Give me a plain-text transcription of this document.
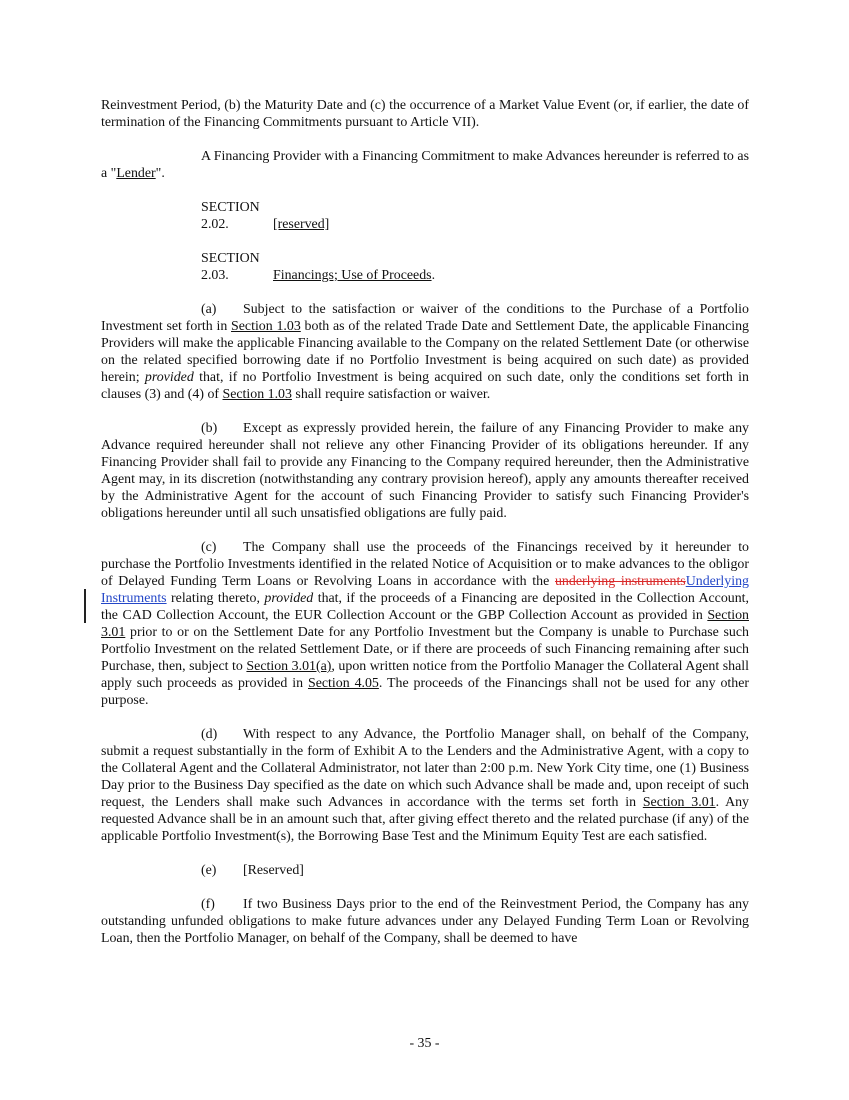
Reinvestment Period, (b) the Maturity Date and (c) the occurrence of a Market Value Event (or, if earlier, the date of termination of the Financing Commitments pursuant to Article VII).

A Financing Provider with a Financing Commitment to make Advances hereunder is referred to as a "Lender".

SECTION 2.02.	[reserved]

SECTION 2.03.	Financings; Use of Proceeds.

(a) Subject to the satisfaction or waiver of the conditions to the Purchase of a Portfolio Investment set forth in Section 1.03 both as of the related Trade Date and Settlement Date, the applicable Financing Providers will make the applicable Financing available to the Company on the related Settlement Date (or otherwise on the related specified borrowing date if no Portfolio Investment is being acquired on such date) as provided herein; provided that, if no Portfolio Investment is being acquired on such date, only the conditions set forth in clauses (3) and (4) of Section 1.03 shall require satisfaction or waiver.

(b) Except as expressly provided herein, the failure of any Financing Provider to make any Advance required hereunder shall not relieve any other Financing Provider of its obligations hereunder. If any Financing Provider shall fail to provide any Financing to the Company required hereunder, then the Administrative Agent may, in its discretion (notwithstanding any contrary provision hereof), apply any amounts thereafter received by the Administrative Agent for the account of such Financing Provider to satisfy such Financing Provider's obligations hereunder until all such unsatisfied obligations are fully paid.

(c) The Company shall use the proceeds of the Financings received by it hereunder to purchase the Portfolio Investments identified in the related Notice of Acquisition or to make advances to the obligor of Delayed Funding Term Loans or Revolving Loans in accordance with the underlying instrumentsUnderlying Instruments relating thereto, provided that, if the proceeds of a Financing are deposited in the Collection Account, the CAD Collection Account, the EUR Collection Account or the GBP Collection Account as provided in Section 3.01 prior to or on the Settlement Date for any Portfolio Investment but the Company is unable to Purchase such Portfolio Investment on the related Settlement Date, or if there are proceeds of such Financing remaining after such Purchase, then, subject to Section 3.01(a), upon written notice from the Portfolio Manager the Collateral Agent shall apply such proceeds as provided in Section 4.05. The proceeds of the Financings shall not be used for any other purpose.

(d) With respect to any Advance, the Portfolio Manager shall, on behalf of the Company, submit a request substantially in the form of Exhibit A to the Lenders and the Administrative Agent, with a copy to the Collateral Agent and the Collateral Administrator, not later than 2:00 p.m. New York City time, one (1) Business Day prior to the Business Day specified as the date on which such Advance shall be made and, upon receipt of such request, the Lenders shall make such Advances in accordance with the terms set forth in Section 3.01. Any requested Advance shall be in an amount such that, after giving effect thereto and the related purchase (if any) of the applicable Portfolio Investment(s), the Borrowing Base Test and the Minimum Equity Test are each satisfied.

(e) [Reserved]

(f) If two Business Days prior to the end of the Reinvestment Period, the Company has any outstanding unfunded obligations to make future advances under any Delayed Funding Term Loan or Revolving Loan, then the Portfolio Manager, on behalf of the Company, shall be deemed to have

- 35 -
